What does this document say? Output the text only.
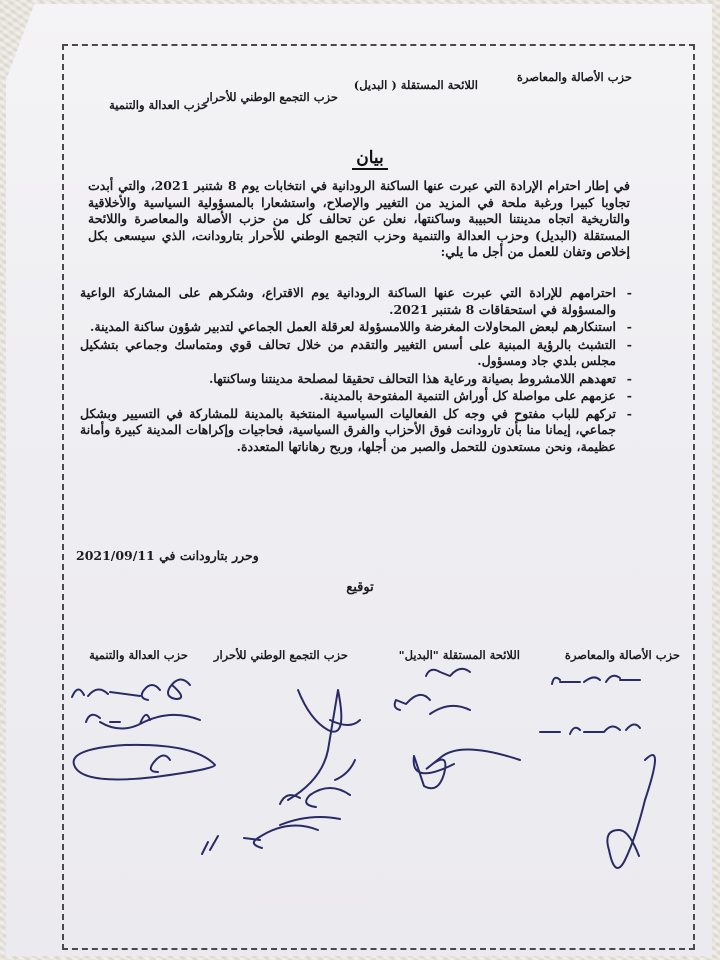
حزب الأصالة والمعاصرة
اللائحة المستقلة ( البديل)
حزب التجمع الوطني للأحرار
حزب العدالة والتنمية
بيان
في إطار احترام الإرادة التي عبرت عنها الساكنة الرودانية في انتخابات يوم 8 شتنبر 2021، والتي أبدت تجاوبا كبيرا ورغبة ملحة في المزيد من التغيير والإصلاح، واستشعارا بالمسؤولية السياسية والأخلاقية والتاريخية اتجاه مدينتنا الحبيبة وساكنتها، نعلن عن تحالف كل من حزب الأصالة والمعاصرة واللائحة المستقلة (البديل) وحزب العدالة والتنمية وحزب التجمع الوطني للأحرار بتارودانت، الذي سيسعى بكل إخلاص وتفان للعمل من أجل ما يلي:
- احترامهم للإرادة التي عبرت عنها الساكنة الرودانية يوم الاقتراع، وشكرهم على المشاركة الواعية والمسؤولة في استحقاقات 8 شتنبر 2021.
- استنكارهم لبعض المحاولات المغرضة واللامسؤولة لعرقلة العمل الجماعي لتدبير شؤون ساكنة المدينة.
- التشبث بالرؤية المبنية على أسس التغيير والتقدم من خلال تحالف قوي ومتماسك وجماعي بتشكيل مجلس بلدي جاد ومسؤول.
- تعهدهم اللامشروط بصيانة ورعاية هذا التحالف تحقيقا لمصلحة مدينتنا وساكنتها.
- عزمهم على مواصلة كل أوراش التنمية المفتوحة بالمدينة.
- تركهم للباب مفتوح في وجه كل الفعاليات السياسية المنتخبة بالمدينة للمشاركة في التسيير وبشكل جماعي، إيمانا منا بأن تارودانت فوق الأحزاب والفرق السياسية، فحاجيات وإكراهات المدينة كبيرة وأمانة عظيمة، ونحن مستعدون للتحمل والصبر من أجلها، وربح رهاناتها المتعددة.
وحرر بتارودانت في 2021/09/11
توقيع
حزب الأصالة والمعاصرة
اللائحة المستقلة "البديل"
حزب التجمع الوطني للأحرار
حزب العدالة والتنمية
